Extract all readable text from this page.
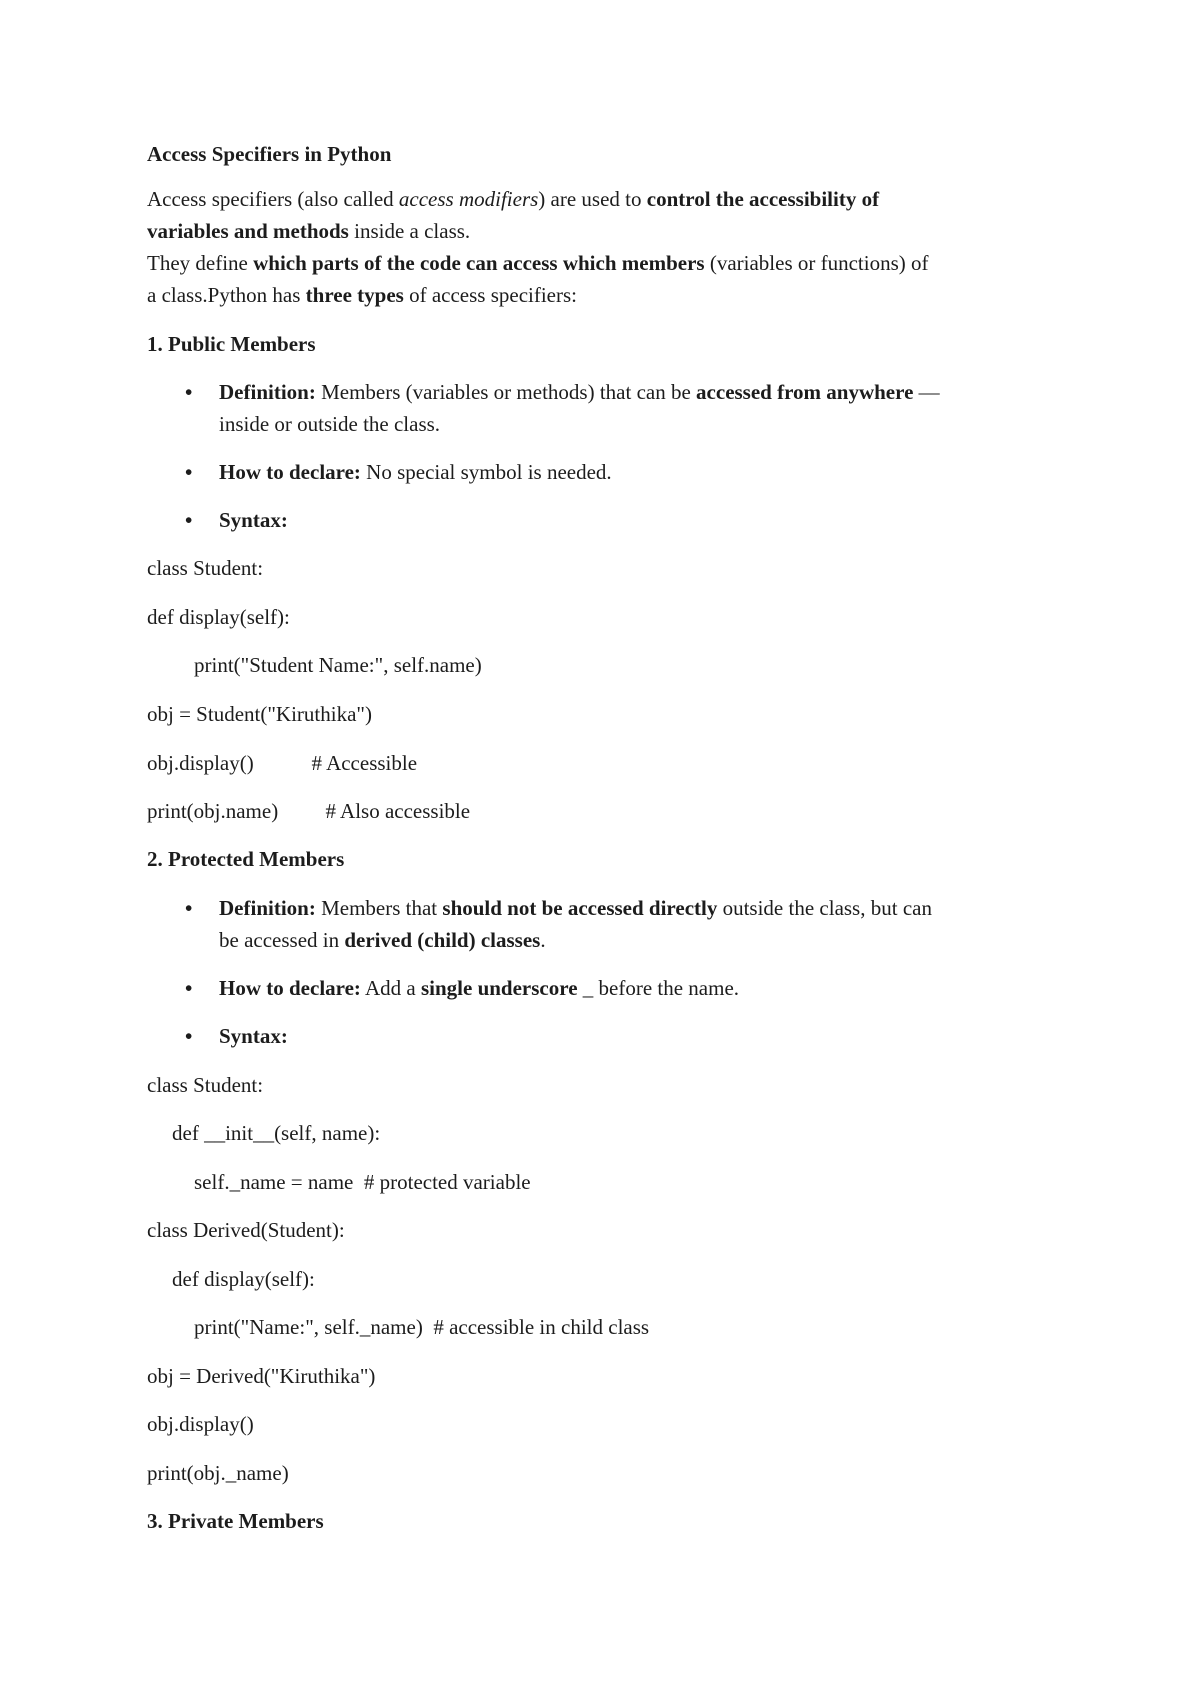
Access Specifiers in Python
Access specifiers (also called access modifiers) are used to control the accessibility of
variables and methods inside a class.
They define which parts of the code can access which members (variables or functions) of
a class.Python has three types of access specifiers:
1. Public Members
• Definition: Members (variables or methods) that can be accessed from anywhere —
inside or outside the class.
• How to declare: No special symbol is needed.
• Syntax:
class Student:
def display(self):
print("Student Name:", self.name)
obj = Student("Kiruthika")
obj.display()           # Accessible
print(obj.name)         # Also accessible
2. Protected Members
• Definition: Members that should not be accessed directly outside the class, but can
be accessed in derived (child) classes.
• How to declare: Add a single underscore _ before the name.
• Syntax:
class Student:
def __init__(self, name):
self._name = name  # protected variable
class Derived(Student):
def display(self):
print("Name:", self._name)  # accessible in child class
obj = Derived("Kiruthika")
obj.display()
print(obj._name)
3. Private Members
